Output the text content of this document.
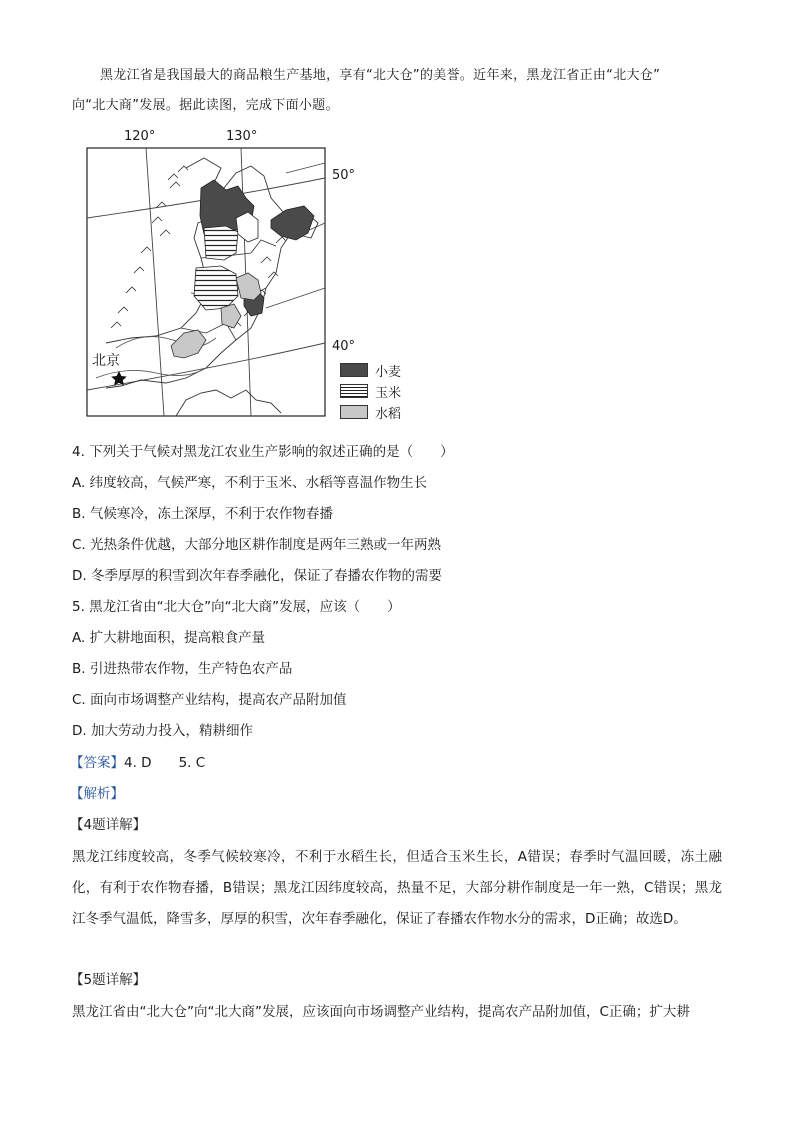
黑龙江省是我国最大的商品粮生产基地，享有“北大仓”的美誉。近年来，黑龙江省正由“北大仓”

向“北大商”发展。据此读图，完成下面小题。

120°	130°
50°
40°
北京
小麦
玉米
水稻
4. 下列关于气候对黑龙江农业生产影响的叙述正确的是（　　）
A. 纬度较高，气候严寒，不利于玉米、水稻等喜温作物生长
B. 气候寒冷，冻土深厚，不利于农作物春播
C. 光热条件优越，大部分地区耕作制度是两年三熟或一年两熟
D. 冬季厚厚的积雪到次年春季融化，保证了春播农作物的需要
5. 黑龙江省由“北大仓”向“北大商”发展，应该（　　）
A. 扩大耕地面积，提高粮食产量
B. 引进热带农作物，生产特色农产品
C. 面向市场调整产业结构，提高农产品附加值
D. 加大劳动力投入，精耕细作
【答案】4. D　　5. C
【解析】
【4题详解】

黑龙江纬度较高，冬季气候较寒冷，不利于水稻生长，但适合玉米生长，A错误；春季时气温回暖，冻土融化，有利于农作物春播，B错误；黑龙江因纬度较高，热量不足，大部分耕作制度是一年一熟，C错误；黑龙江冬季气温低，降雪多，厚厚的积雪，次年春季融化，保证了春播农作物水分的需求，D正确；故选D。

【5题详解】

黑龙江省由“北大仓”向“北大商”发展，应该面向市场调整产业结构，提高农产品附加值，C正确；扩大耕
